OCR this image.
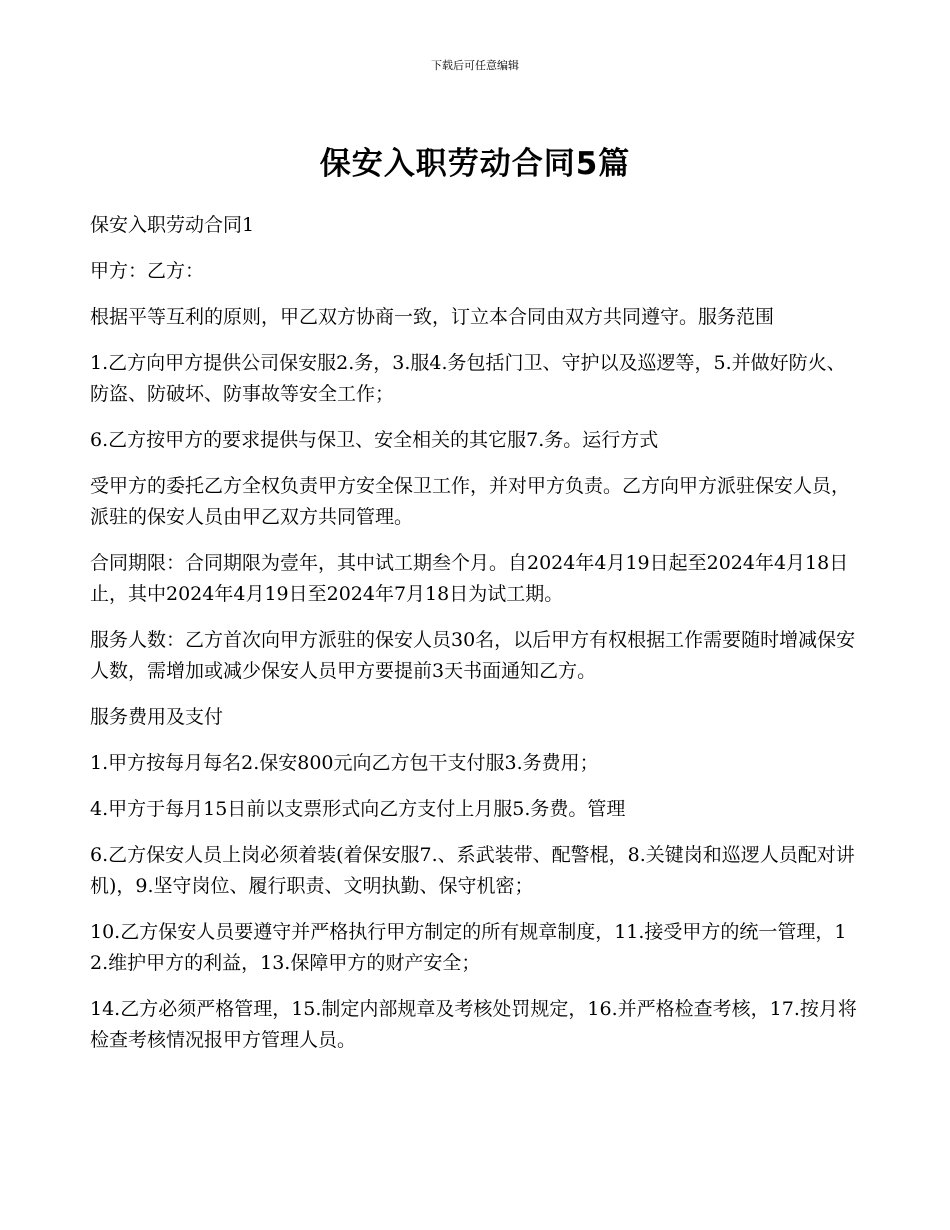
下载后可任意编辑
保安入职劳动合同5篇

保安入职劳动合同1

甲方：乙方：

根据平等互利的原则，甲乙双方协商一致，订立本合同由双方共同遵守。服务范围

1.乙方向甲方提供公司保安服2.务，3.服4.务包括门卫、守护以及巡逻等，5.并做好防火、防盗、防破坏、防事故等安全工作；

6.乙方按甲方的要求提供与保卫、安全相关的其它服7.务。运行方式

受甲方的委托乙方全权负责甲方安全保卫工作，并对甲方负责。乙方向甲方派驻保安人员，派驻的保安人员由甲乙双方共同管理。

合同期限：合同期限为壹年，其中试工期叁个月。自2024年4月19日起至2024年4月18日止，其中2024年4月19日至2024年7月18日为试工期。

服务人数：乙方首次向甲方派驻的保安人员30名，以后甲方有权根据工作需要随时增减保安人数，需增加或减少保安人员甲方要提前3天书面通知乙方。

服务费用及支付

1.甲方按每月每名2.保安800元向乙方包干支付服3.务费用；

4.甲方于每月15日前以支票形式向乙方支付上月服5.务费。管理

6.乙方保安人员上岗必须着装(着保安服7.、系武装带、配警棍，8.关键岗和巡逻人员配对讲机)，9.坚守岗位、履行职责、文明执勤、保守机密；

10.乙方保安人员要遵守并严格执行甲方制定的所有规章制度，11.接受甲方的统一管理，12.维护甲方的利益，13.保障甲方的财产安全；

14.乙方必须严格管理，15.制定内部规章及考核处罚规定，16.并严格检查考核，17.按月将检查考核情况报甲方管理人员。
